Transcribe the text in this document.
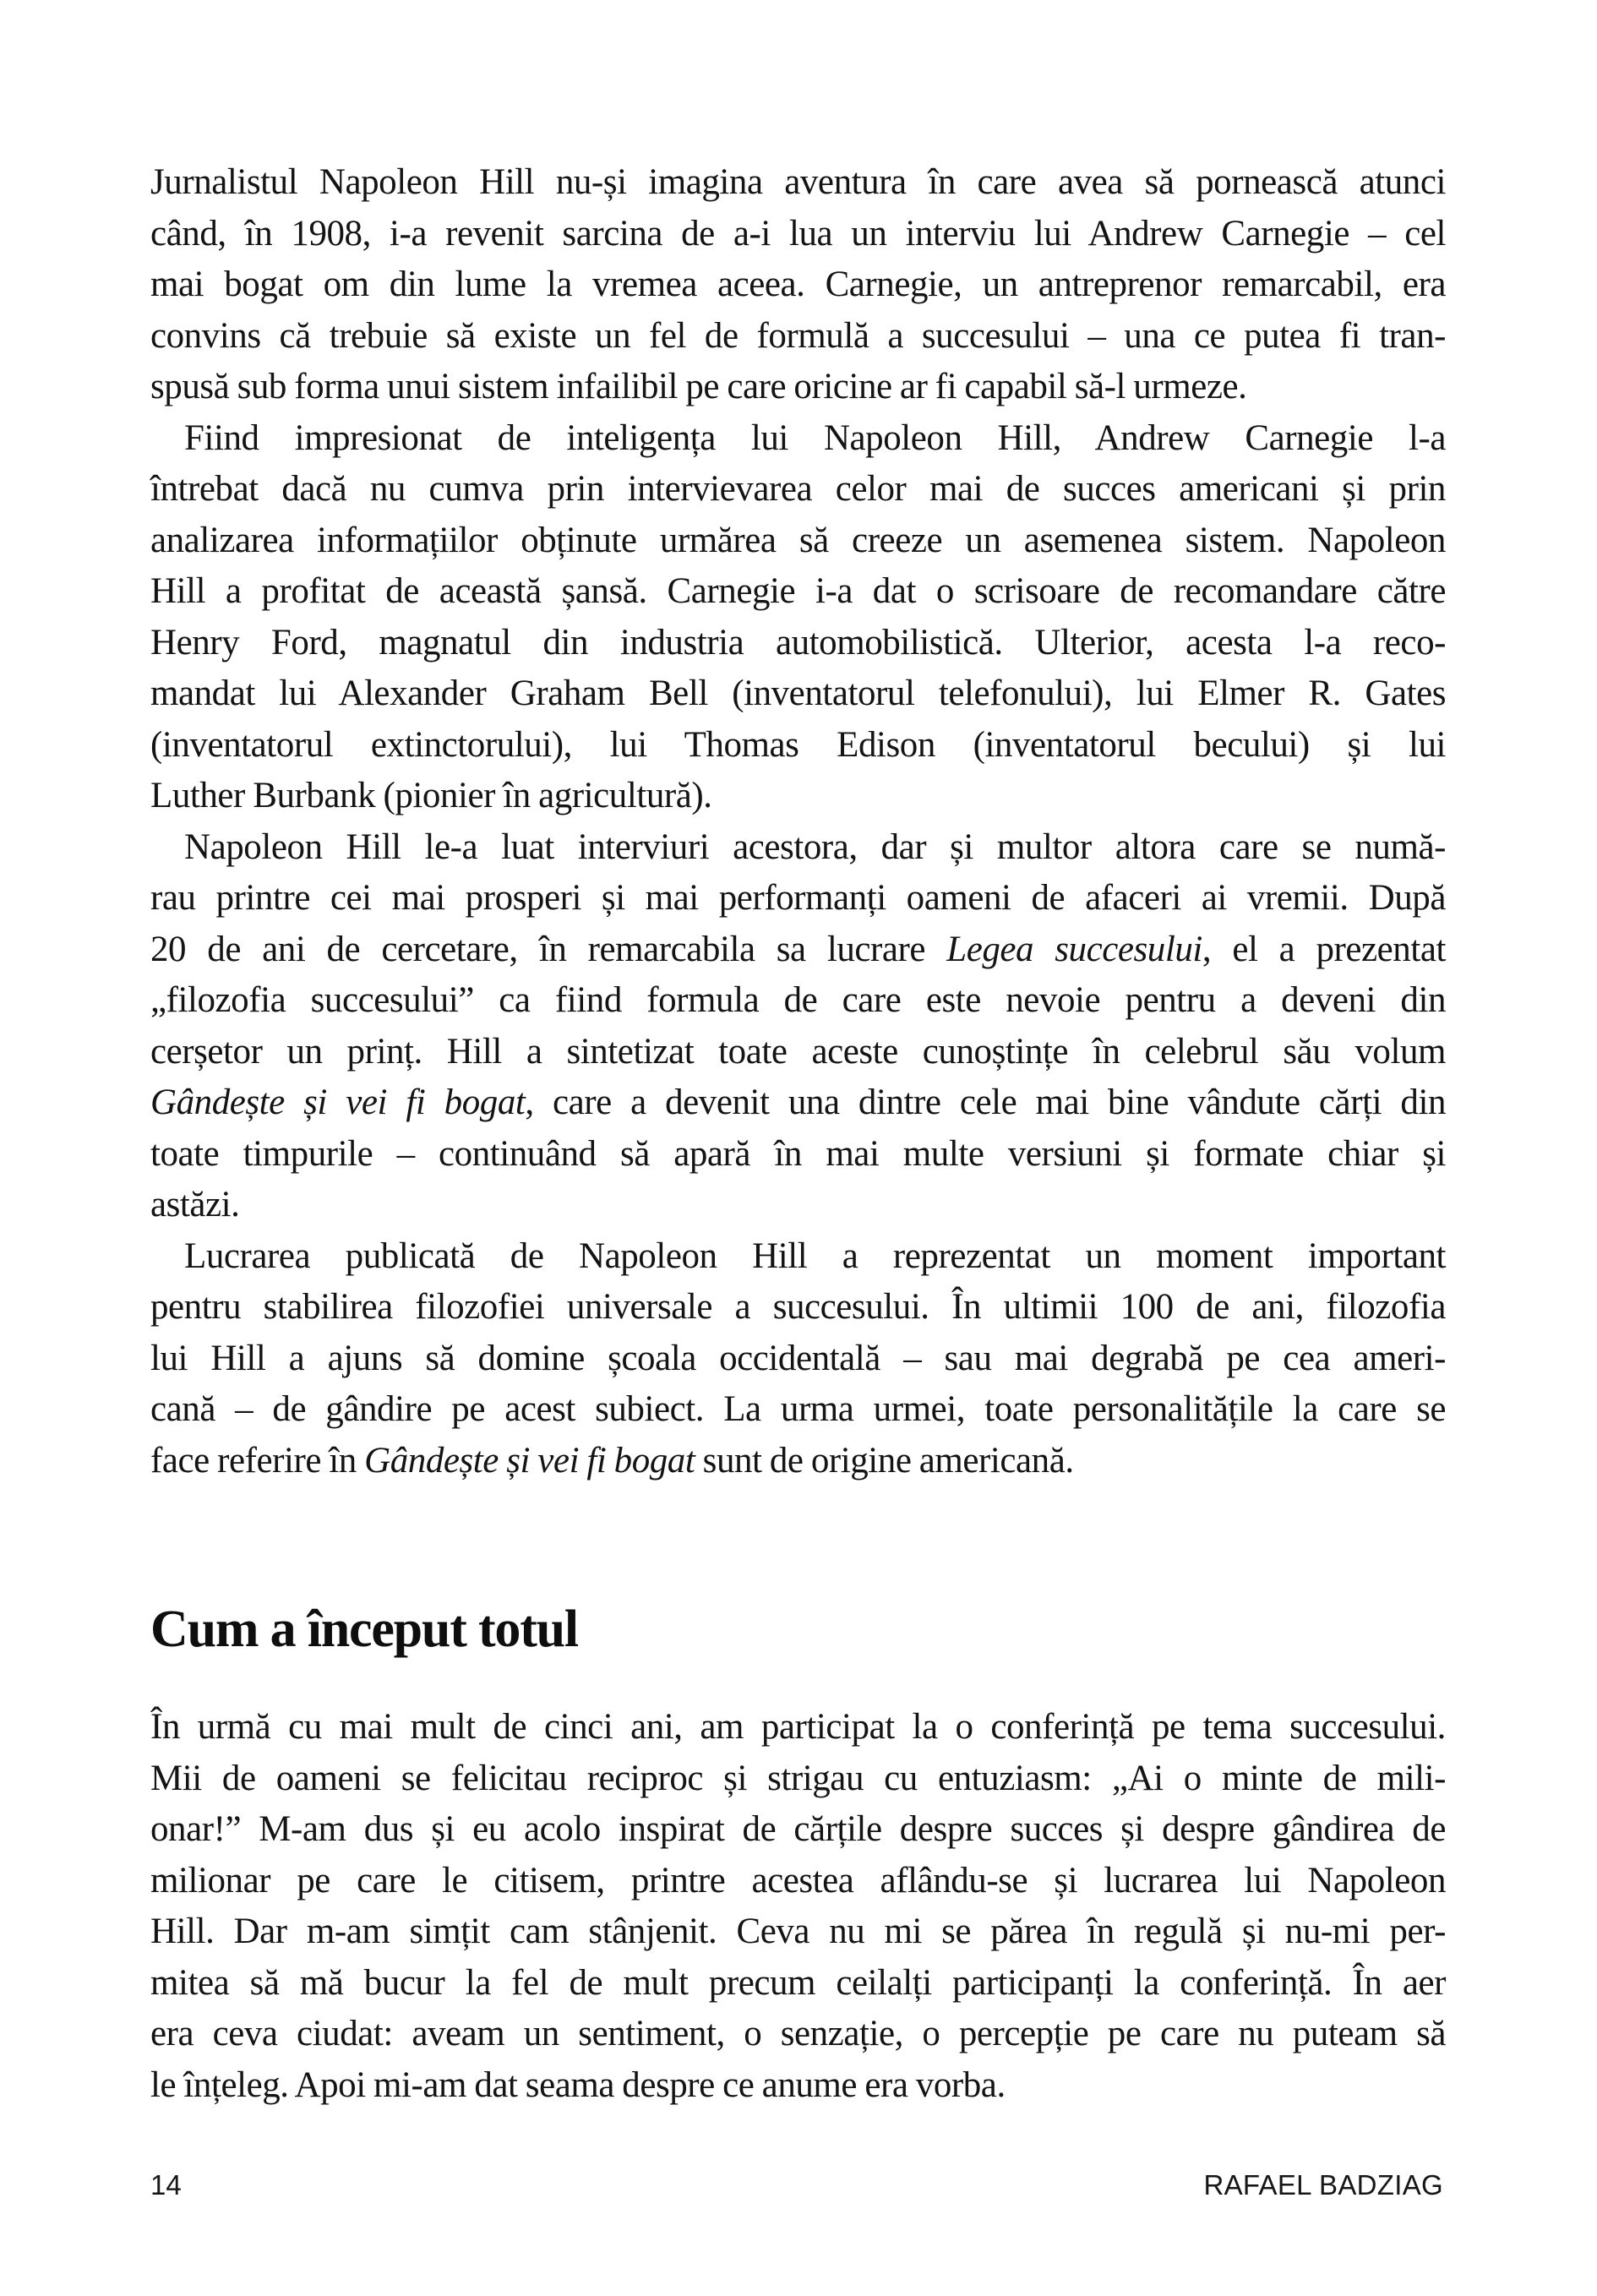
Jurnalistul Napoleon Hill nu-și imagina aventura în care avea să pornească atunci
când, în 1908, i-a revenit sarcina de a-i lua un interviu lui Andrew Carnegie – cel
mai bogat om din lume la vremea aceea. Carnegie, un antreprenor remarcabil, era
convins că trebuie să existe un fel de formulă a succesului – una ce putea fi tran-
spusă sub forma unui sistem infailibil pe care oricine ar fi capabil să-l urmeze.
Fiind impresionat de inteligența lui Napoleon Hill, Andrew Carnegie l-a
întrebat dacă nu cumva prin intervievarea celor mai de succes americani și prin
analizarea informațiilor obținute urmărea să creeze un asemenea sistem. Napoleon
Hill a profitat de această șansă. Carnegie i-a dat o scrisoare de recomandare către
Henry Ford, magnatul din industria automobilistică. Ulterior, acesta l-a reco-
mandat lui Alexander Graham Bell (inventatorul telefonului), lui Elmer R. Gates
(inventatorul extinctorului), lui Thomas Edison (inventatorul becului) și lui
Luther Burbank (pionier în agricultură).
Napoleon Hill le-a luat interviuri acestora, dar și multor altora care se numă-
rau printre cei mai prosperi și mai performanți oameni de afaceri ai vremii. După
20 de ani de cercetare, în remarcabila sa lucrare Legea succesului, el a prezentat
„filozofia succesului” ca fiind formula de care este nevoie pentru a deveni din
cerșetor un prinț. Hill a sintetizat toate aceste cunoștințe în celebrul său volum
Gândește și vei fi bogat, care a devenit una dintre cele mai bine vândute cărți din
toate timpurile – continuând să apară în mai multe versiuni și formate chiar și
astăzi.
Lucrarea publicată de Napoleon Hill a reprezentat un moment important
pentru stabilirea filozofiei universale a succesului. În ultimii 100 de ani, filozofia
lui Hill a ajuns să domine școala occidentală – sau mai degrabă pe cea ameri-
cană – de gândire pe acest subiect. La urma urmei, toate personalitățile la care se
face referire în Gândește și vei fi bogat sunt de origine americană.
Cum a început totul
În urmă cu mai mult de cinci ani, am participat la o conferință pe tema succesului.
Mii de oameni se felicitau reciproc și strigau cu entuziasm: „Ai o minte de mili-
onar!” M-am dus și eu acolo inspirat de cărțile despre succes și despre gândirea de
milionar pe care le citisem, printre acestea aflându-se și lucrarea lui Napoleon
Hill. Dar m-am simțit cam stânjenit. Ceva nu mi se părea în regulă și nu-mi per-
mitea să mă bucur la fel de mult precum ceilalți participanți la conferință. În aer
era ceva ciudat: aveam un sentiment, o senzație, o percepție pe care nu puteam să
le înțeleg. Apoi mi-am dat seama despre ce anume era vorba.
14	RAFAEL BADZIAG
